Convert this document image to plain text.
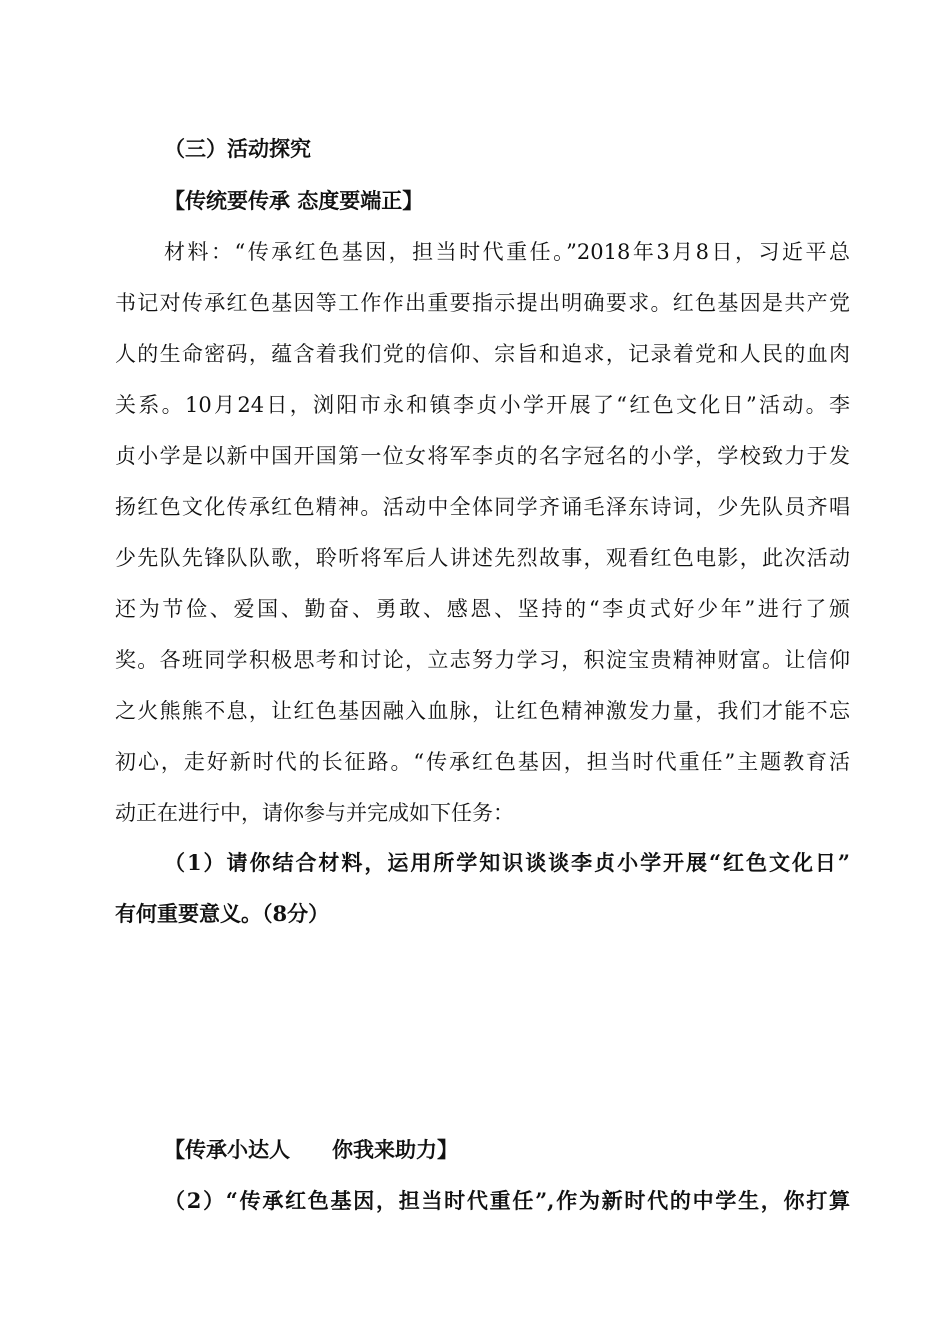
（三）活动探究

【传统要传承 态度要端正】

材料：“传承红色基因，担当时代重任。”2018年3月8日，习近平总

书记对传承红色基因等工作作出重要指示提出明确要求。红色基因是共产党

人的生命密码，蕴含着我们党的信仰、宗旨和追求，记录着党和人民的血肉

关系。10月24日，浏阳市永和镇李贞小学开展了“红色文化日”活动。李

贞小学是以新中国开国第一位女将军李贞的名字冠名的小学，学校致力于发

扬红色文化传承红色精神。活动中全体同学齐诵毛泽东诗词，少先队员齐唱

少先队先锋队队歌，聆听将军后人讲述先烈故事，观看红色电影，此次活动

还为节俭、爱国、勤奋、勇敢、感恩、坚持的“李贞式好少年”进行了颁

奖。各班同学积极思考和讨论，立志努力学习，积淀宝贵精神财富。让信仰

之火熊熊不息，让红色基因融入血脉，让红色精神激发力量，我们才能不忘

初心，走好新时代的长征路。“传承红色基因，担当时代重任”主题教育活

动正在进行中，请你参与并完成如下任务：

（1）请你结合材料，运用所学知识谈谈李贞小学开展“红色文化日”

有何重要意义。（8分）

【传承小达人　　你我来助力】

（2）“传承红色基因，担当时代重任”,作为新时代的中学生，你打算
